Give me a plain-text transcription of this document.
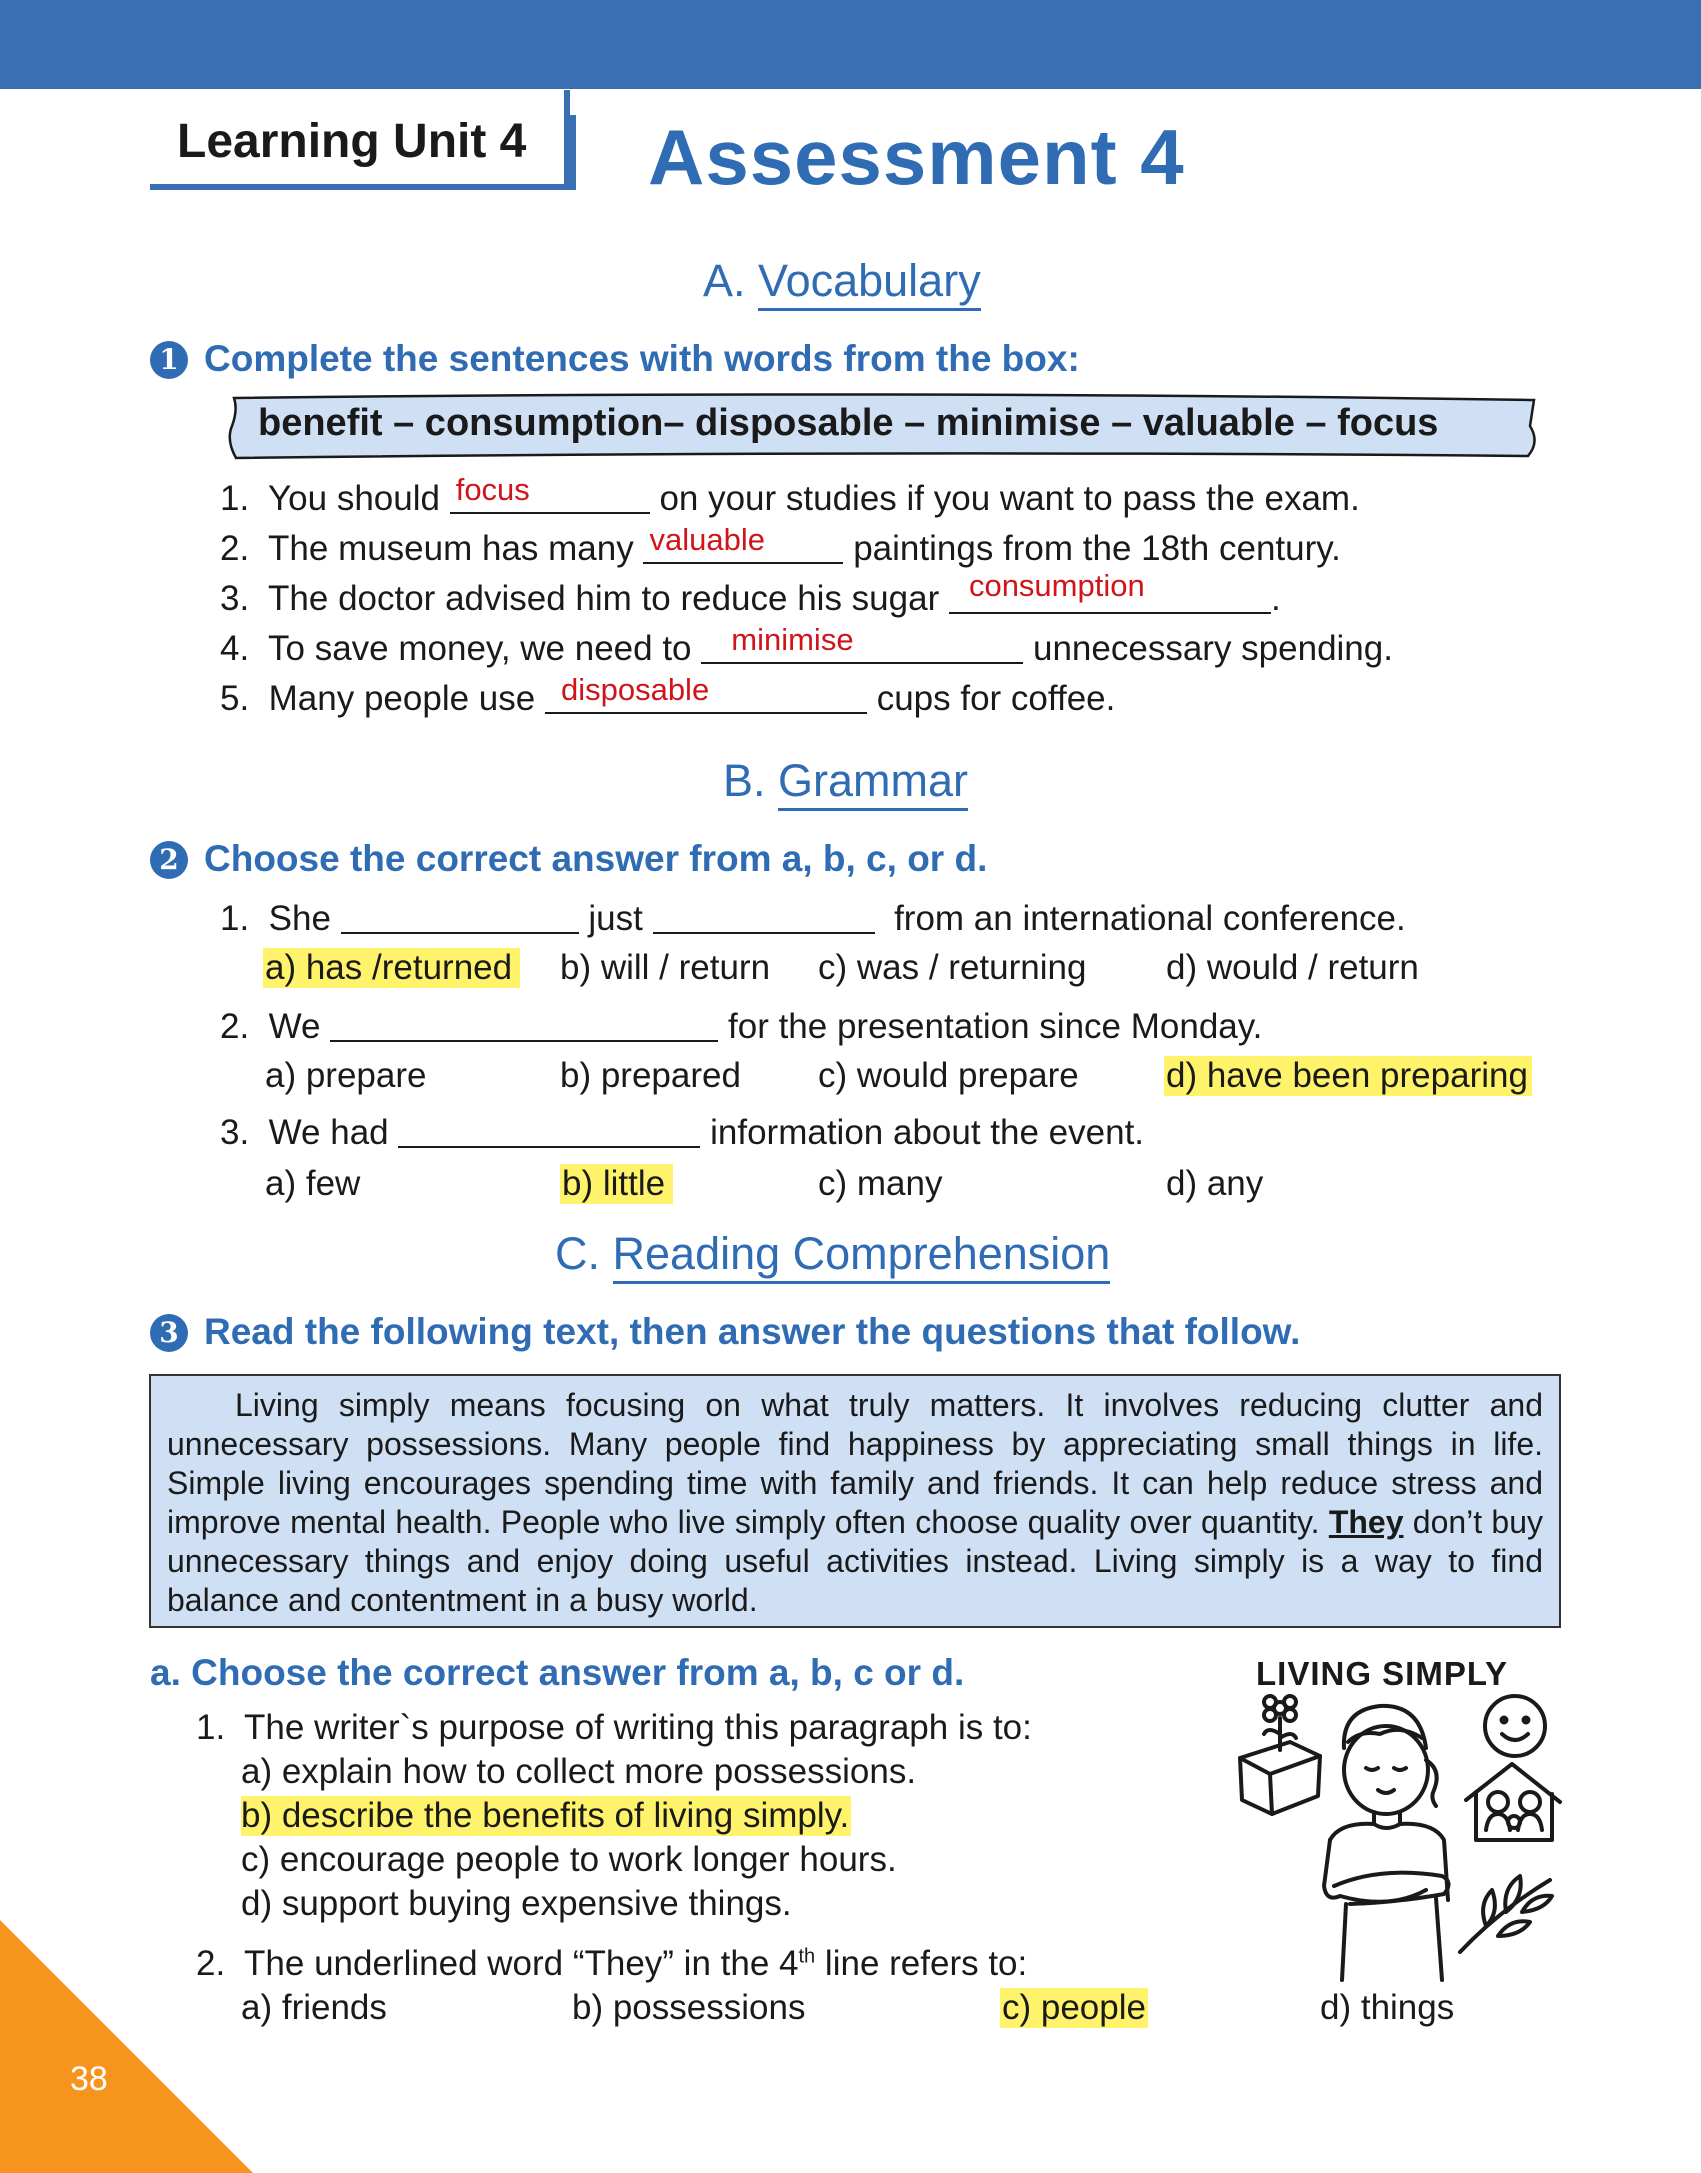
Learning Unit 4 Assessment 4
A. Vocabulary
1 Complete the sentences with words from the box:
benefit – consumption– disposable – minimise – valuable – focus
1. You should focus	on your studies if you want to pass the exam.
2. The museum has many valuable	paintings from the 18th century.
3. The doctor advised him to reduce his sugar consumption	.
4. To save money, we need to minimise	unnecessary spending.
5. Many people use disposable	cups for coffee.
B. Grammar
2 Choose the correct answer from a, b, c, or d.
1. She	just	from an international conference.
a) has /returned b) will / return c) was / returning d) would / return
2. We	for the presentation since Monday.
a) prepare	b) prepared c) would prepare d) have been preparing
3. We had	information about the event.
a) few	b) little	c) many	d) any
C. Reading Comprehension
3 Read the following text, then answer the questions that follow.

Living simply means focusing on what truly matters. It involves reducing clutter and unnecessary possessions. Many people find happiness by appreciating small things in life. Simple living encourages spending time with family and friends. It can help reduce stress and improve mental health. People who live simply often choose quality over quantity. They don’t buy unnecessary things and enjoy doing useful activities instead. Living simply is a way to find balance and contentment in a busy world.

a. Choose the correct answer from a, b, c or d.
1. The writer`s purpose of writing this paragraph is to:
a) explain how to collect more possessions.
b) describe the benefits of living simply.
c) encourage people to work longer hours.
d) support buying expensive things.
2. The underlined word “They” in the 4th line refers to:
a) friends	b) possessions	c) people	d) things
LIVING SIMPLY
38
